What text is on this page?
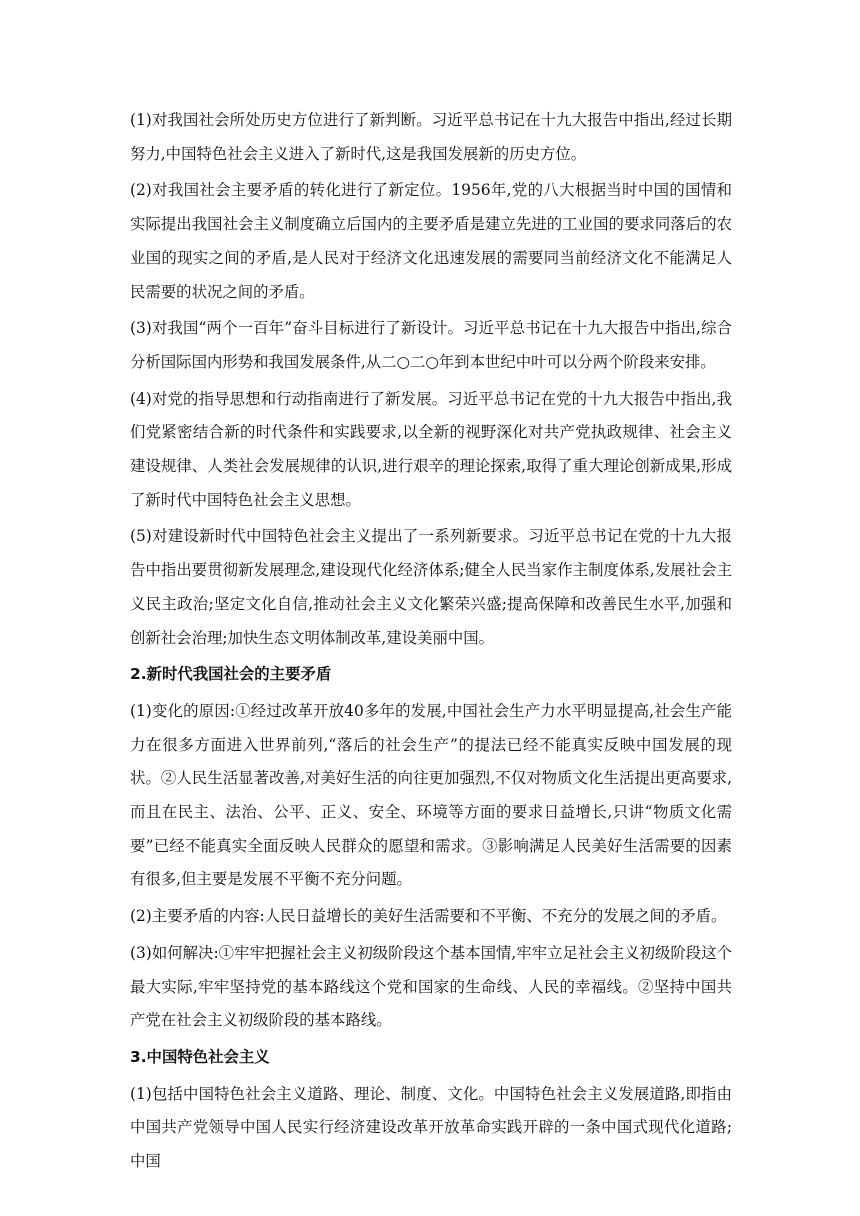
(1)对我国社会所处历史方位进行了新判断。习近平总书记在十九大报告中指出,经过长期努力,中国特色社会主义进入了新时代,这是我国发展新的历史方位。

(2)对我国社会主要矛盾的转化进行了新定位。1956年,党的八大根据当时中国的国情和实际提出我国社会主义制度确立后国内的主要矛盾是建立先进的工业国的要求同落后的农业国的现实之间的矛盾,是人民对于经济文化迅速发展的需要同当前经济文化不能满足人民需要的状况之间的矛盾。

(3)对我国“两个一百年”奋斗目标进行了新设计。习近平总书记在十九大报告中指出,综合分析国际国内形势和我国发展条件,从二○二○年到本世纪中叶可以分两个阶段来安排。

(4)对党的指导思想和行动指南进行了新发展。习近平总书记在党的十九大报告中指出,我们党紧密结合新的时代条件和实践要求,以全新的视野深化对共产党执政规律、社会主义建设规律、人类社会发展规律的认识,进行艰辛的理论探索,取得了重大理论创新成果,形成了新时代中国特色社会主义思想。

(5)对建设新时代中国特色社会主义提出了一系列新要求。习近平总书记在党的十九大报告中指出要贯彻新发展理念,建设现代化经济体系;健全人民当家作主制度体系,发展社会主义民主政治;坚定文化自信,推动社会主义文化繁荣兴盛;提高保障和改善民生水平,加强和创新社会治理;加快生态文明体制改革,建设美丽中国。

2.新时代我国社会的主要矛盾

(1)变化的原因:①经过改革开放40多年的发展,中国社会生产力水平明显提高,社会生产能力在很多方面进入世界前列,“落后的社会生产”的提法已经不能真实反映中国发展的现状。②人民生活显著改善,对美好生活的向往更加强烈,不仅对物质文化生活提出更高要求,而且在民主、法治、公平、正义、安全、环境等方面的要求日益增长,只讲“物质文化需要”已经不能真实全面反映人民群众的愿望和需求。③影响满足人民美好生活需要的因素有很多,但主要是发展不平衡不充分问题。

(2)主要矛盾的内容:人民日益增长的美好生活需要和不平衡、不充分的发展之间的矛盾。

(3)如何解决:①牢牢把握社会主义初级阶段这个基本国情,牢牢立足社会主义初级阶段这个最大实际,牢牢坚持党的基本路线这个党和国家的生命线、人民的幸福线。②坚持中国共产党在社会主义初级阶段的基本路线。

3.中国特色社会主义

(1)包括中国特色社会主义道路、理论、制度、文化。中国特色社会主义发展道路,即指由中国共产党领导中国人民实行经济建设改革开放革命实践开辟的一条中国式现代化道路;中国
